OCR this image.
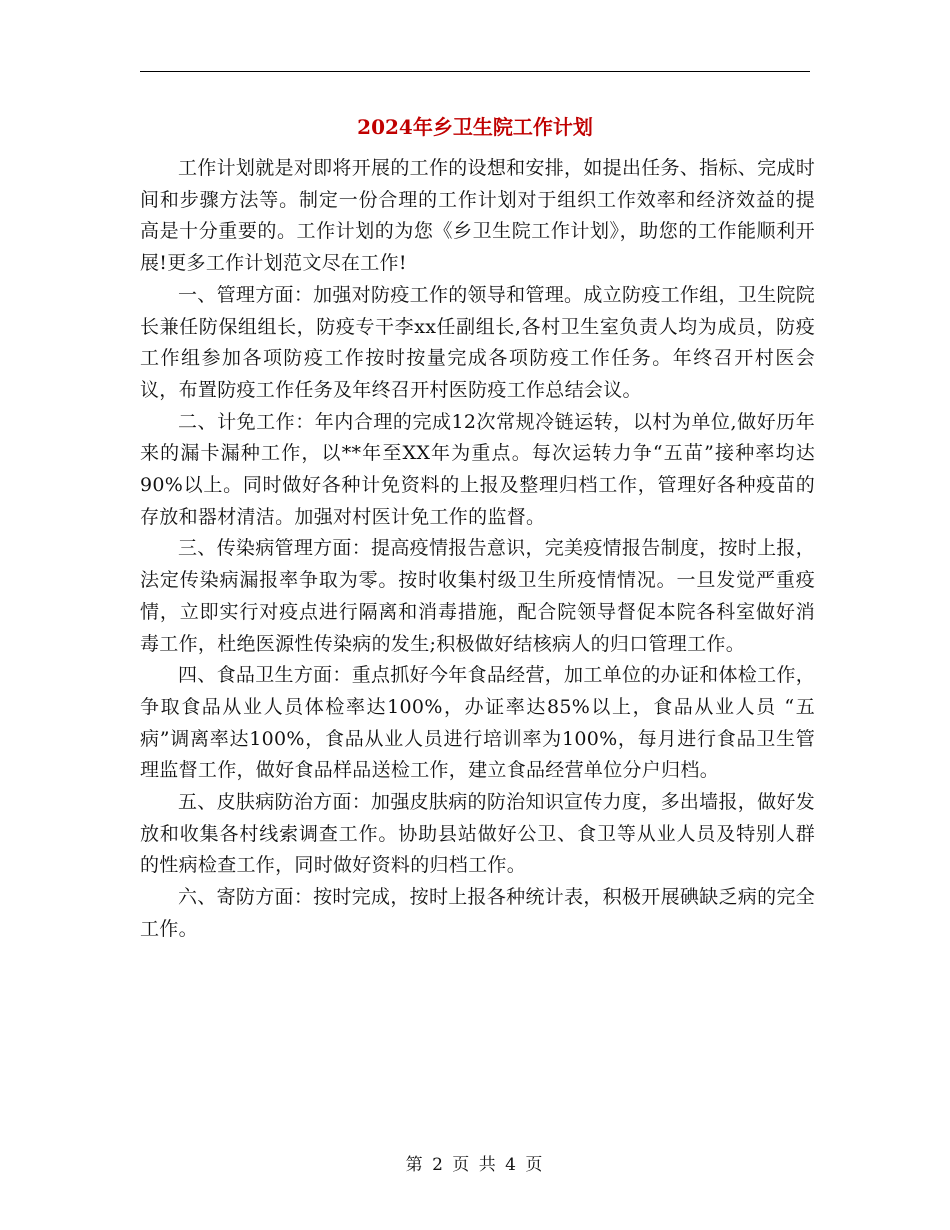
2024年乡卫生院工作计划

工作计划就是对即将开展的工作的设想和安排，如提出任务、指标、完成时间和步骤方法等。制定一份合理的工作计划对于组织工作效率和经济效益的提高是十分重要的。工作计划的为您《乡卫生院工作计划》，助您的工作能顺利开展!更多工作计划范文尽在工作!

一、管理方面：加强对防疫工作的领导和管理。成立防疫工作组，卫生院院长兼任防保组组长，防疫专干李xx任副组长,各村卫生室负责人均为成员，防疫工作组参加各项防疫工作按时按量完成各项防疫工作任务。年终召开村医会议，布置防疫工作任务及年终召开村医防疫工作总结会议。

二、计免工作：年内合理的完成12次常规冷链运转，以村为单位,做好历年来的漏卡漏种工作，以**年至XX年为重点。每次运转力争“五苗”接种率均达90%以上。同时做好各种计免资料的上报及整理归档工作，管理好各种疫苗的存放和器材清洁。加强对村医计免工作的监督。

三、传染病管理方面：提高疫情报告意识，完美疫情报告制度，按时上报，法定传染病漏报率争取为零。按时收集村级卫生所疫情情况。一旦发觉严重疫情，立即实行对疫点进行隔离和消毒措施，配合院领导督促本院各科室做好消毒工作，杜绝医源性传染病的发生;积极做好结核病人的归口管理工作。

四、食品卫生方面：重点抓好今年食品经营，加工单位的办证和体检工作，争取食品从业人员体检率达100%，办证率达85%以上，食品从业人员 “五病”调离率达100%，食品从业人员进行培训率为100%，每月进行食品卫生管理监督工作，做好食品样品送检工作，建立食品经营单位分户归档。

五、皮肤病防治方面：加强皮肤病的防治知识宣传力度，多出墙报，做好发放和收集各村线索调查工作。协助县站做好公卫、食卫等从业人员及特别人群的性病检查工作，同时做好资料的归档工作。

六、寄防方面：按时完成，按时上报各种统计表，积极开展碘缺乏病的完全工作。

第 2 页 共 4 页
